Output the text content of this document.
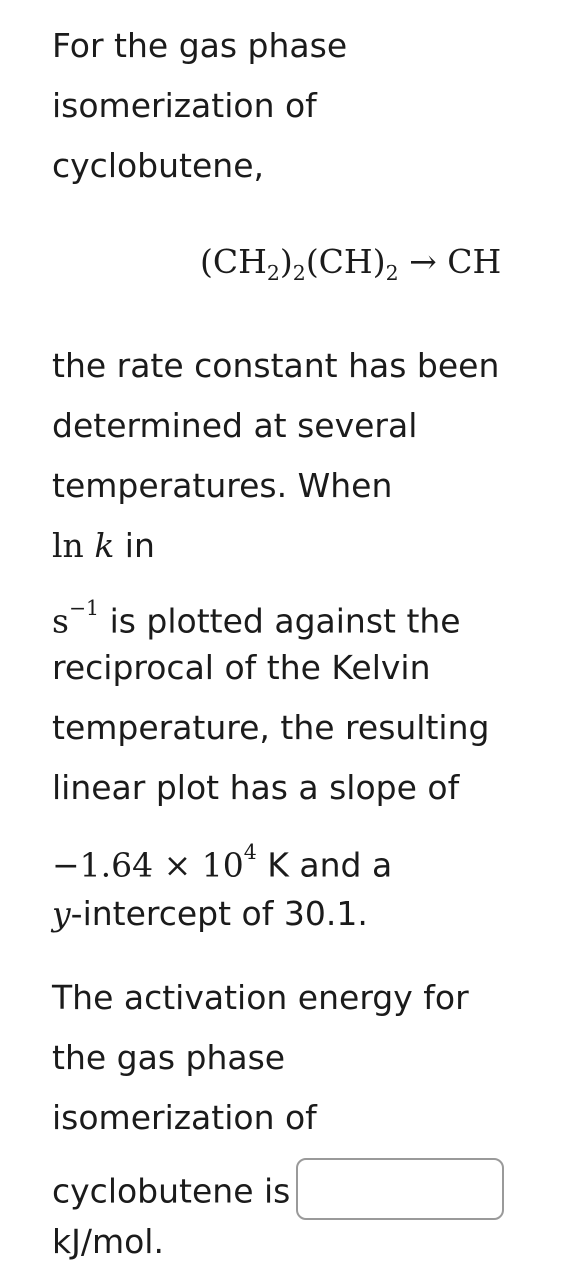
For the gas phase
isomerization of
cyclobutene,
$(CH_2)_2(CH)_2$ → CH
the rate constant has been
determined at several
temperatures. When
ln k in
$s^{-1}$ is plotted against the
reciprocal of the Kelvin
temperature, the resulting
linear plot has a slope of
$-1.64 \times 10^4$ K and a
y-intercept of 30.1.
The activation energy for
the gas phase
isomerization of
cyclobutene is
kJ/mol.
